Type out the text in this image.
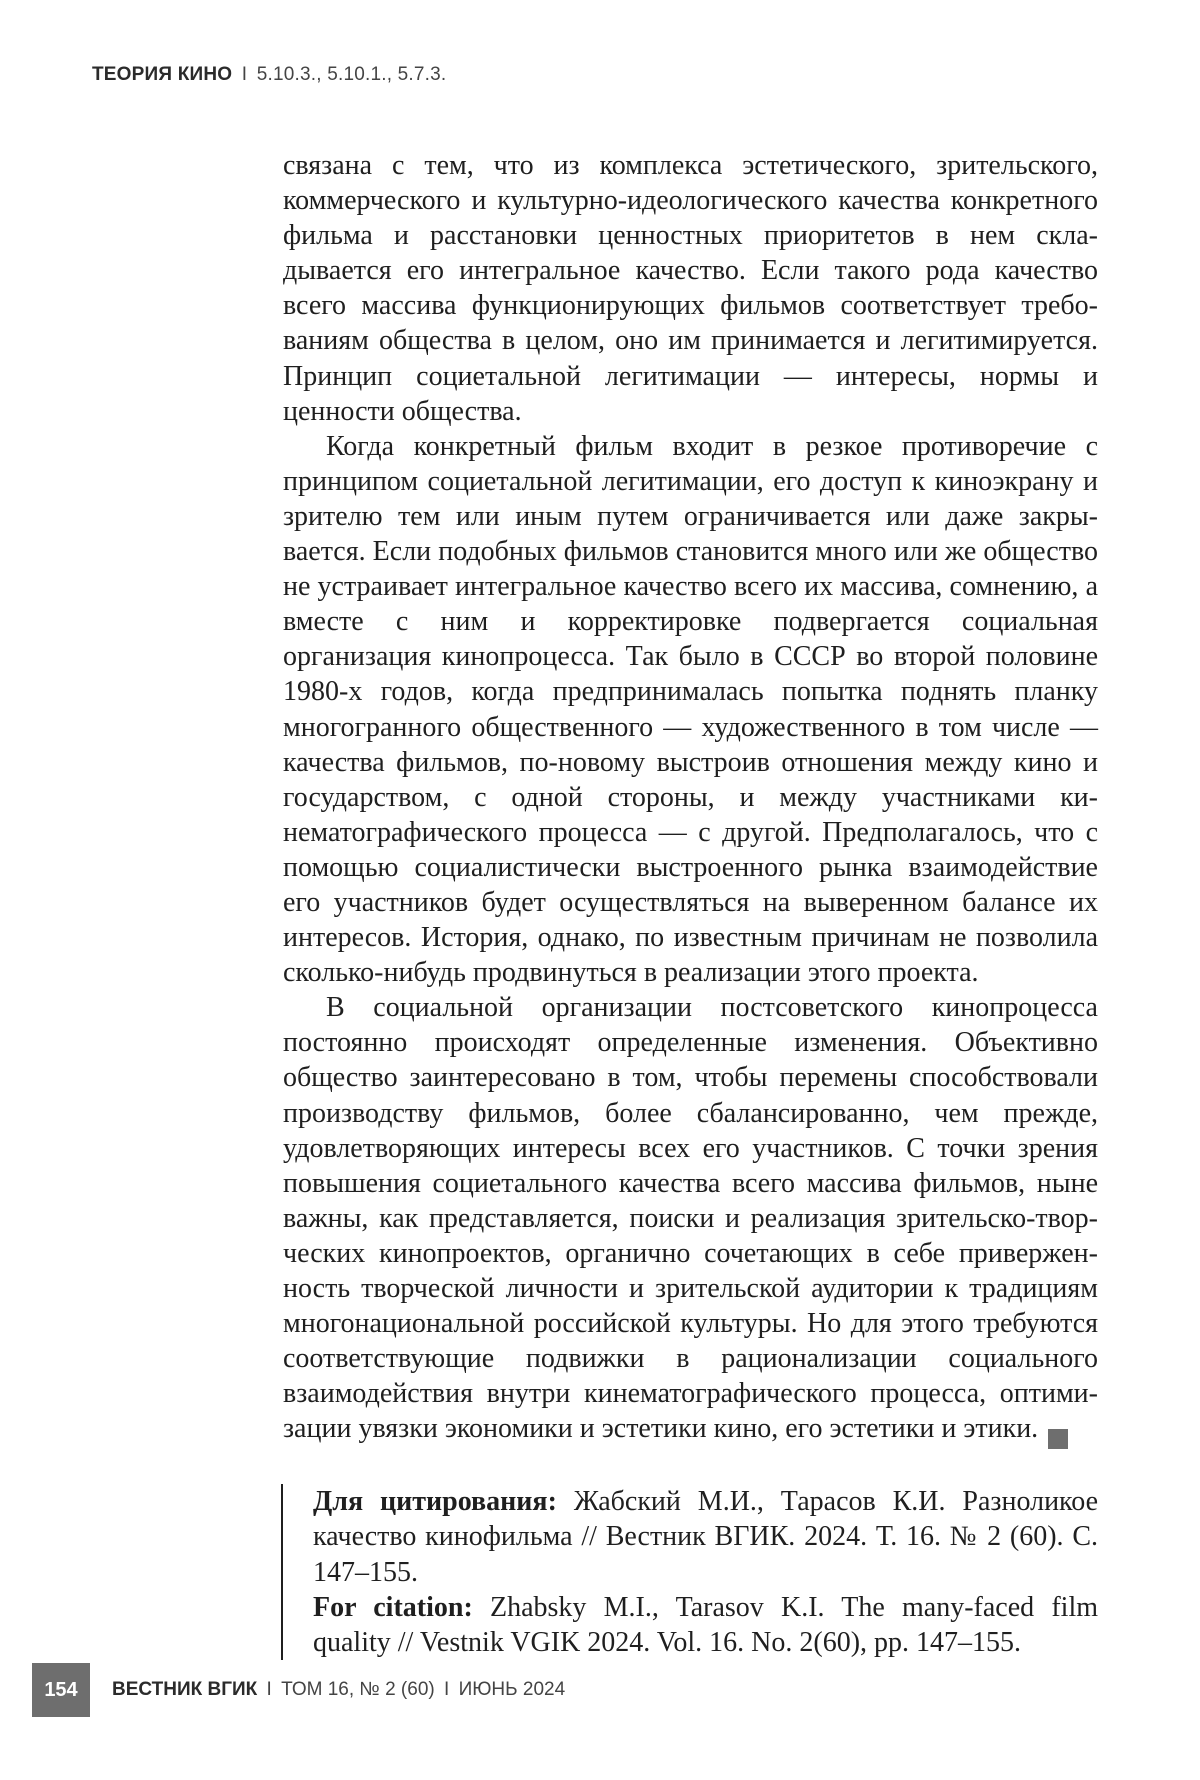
ТЕОРИЯ КИНО I 5.10.3., 5.10.1., 5.7.3.

связана с тем, что из комплекса эстетического, зрительского, коммерческого и культурно-идеологического качества конкретного фильма и расстановки ценностных приоритетов в нем складывается его интегральное качество. Если такого рода качество всего массива функционирующих фильмов соответствует требованиям общества в целом, оно им принимается и легитимируется. Принцип социетальной легитимации — интересы, нормы и ценности общества.

Когда конкретный фильм входит в резкое противоречие с принципом социетальной легитимации, его доступ к киноэкрану и зрителю тем или иным путем ограничивается или даже закрывается. Если подобных фильмов становится много или же общество не устраивает интегральное качество всего их массива, сомнению, а вместе с ним и корректировке подвергается социальная организация кинопроцесса. Так было в СССР во второй половине 1980-х годов, когда предпринималась попытка поднять планку многогранного общественного — художественного в том числе — качества фильмов, по-новому выстроив отношения между кино и государством, с одной стороны, и между участниками кинематографического процесса — с другой. Предполагалось, что с помощью социалистически выстроенного рынка взаимодействие его участников будет осуществляться на выверенном балансе их интересов. История, однако, по известным причинам не позволила сколько-нибудь продвинуться в реализации этого проекта.

В социальной организации постсоветского кинопроцесса постоянно происходят определенные изменения. Объективно общество заинтересовано в том, чтобы перемены способствовали производству фильмов, более сбалансированно, чем прежде, удовлетворяющих интересы всех его участников. С точки зрения повышения социетального качества всего массива фильмов, ныне важны, как представляется, поиски и реализация зрительско-творческих кинопроектов, органично сочетающих в себе приверженность творческой личности и зрительской аудитории к традициям многонациональной российской культуры. Но для этого требуются соответствующие подвижки в рационализации социального взаимодействия внутри кинематографического процесса, оптимизации увязки экономики и эстетики кино, его эстетики и этики.

Для цитирования: Жабский М.И., Тарасов К.И. Разноликое качество кинофильма // Вестник ВГИК. 2024. Т. 16. № 2 (60). С. 147–155.

For citation: Zhabsky M.I., Tarasov K.I. The many-faced film quality // Vestnik VGIK 2024. Vol. 16. No. 2(60), pp. 147–155.

154	ВЕСТНИК ВГИК I ТОМ 16, № 2 (60) I ИЮНЬ 2024
